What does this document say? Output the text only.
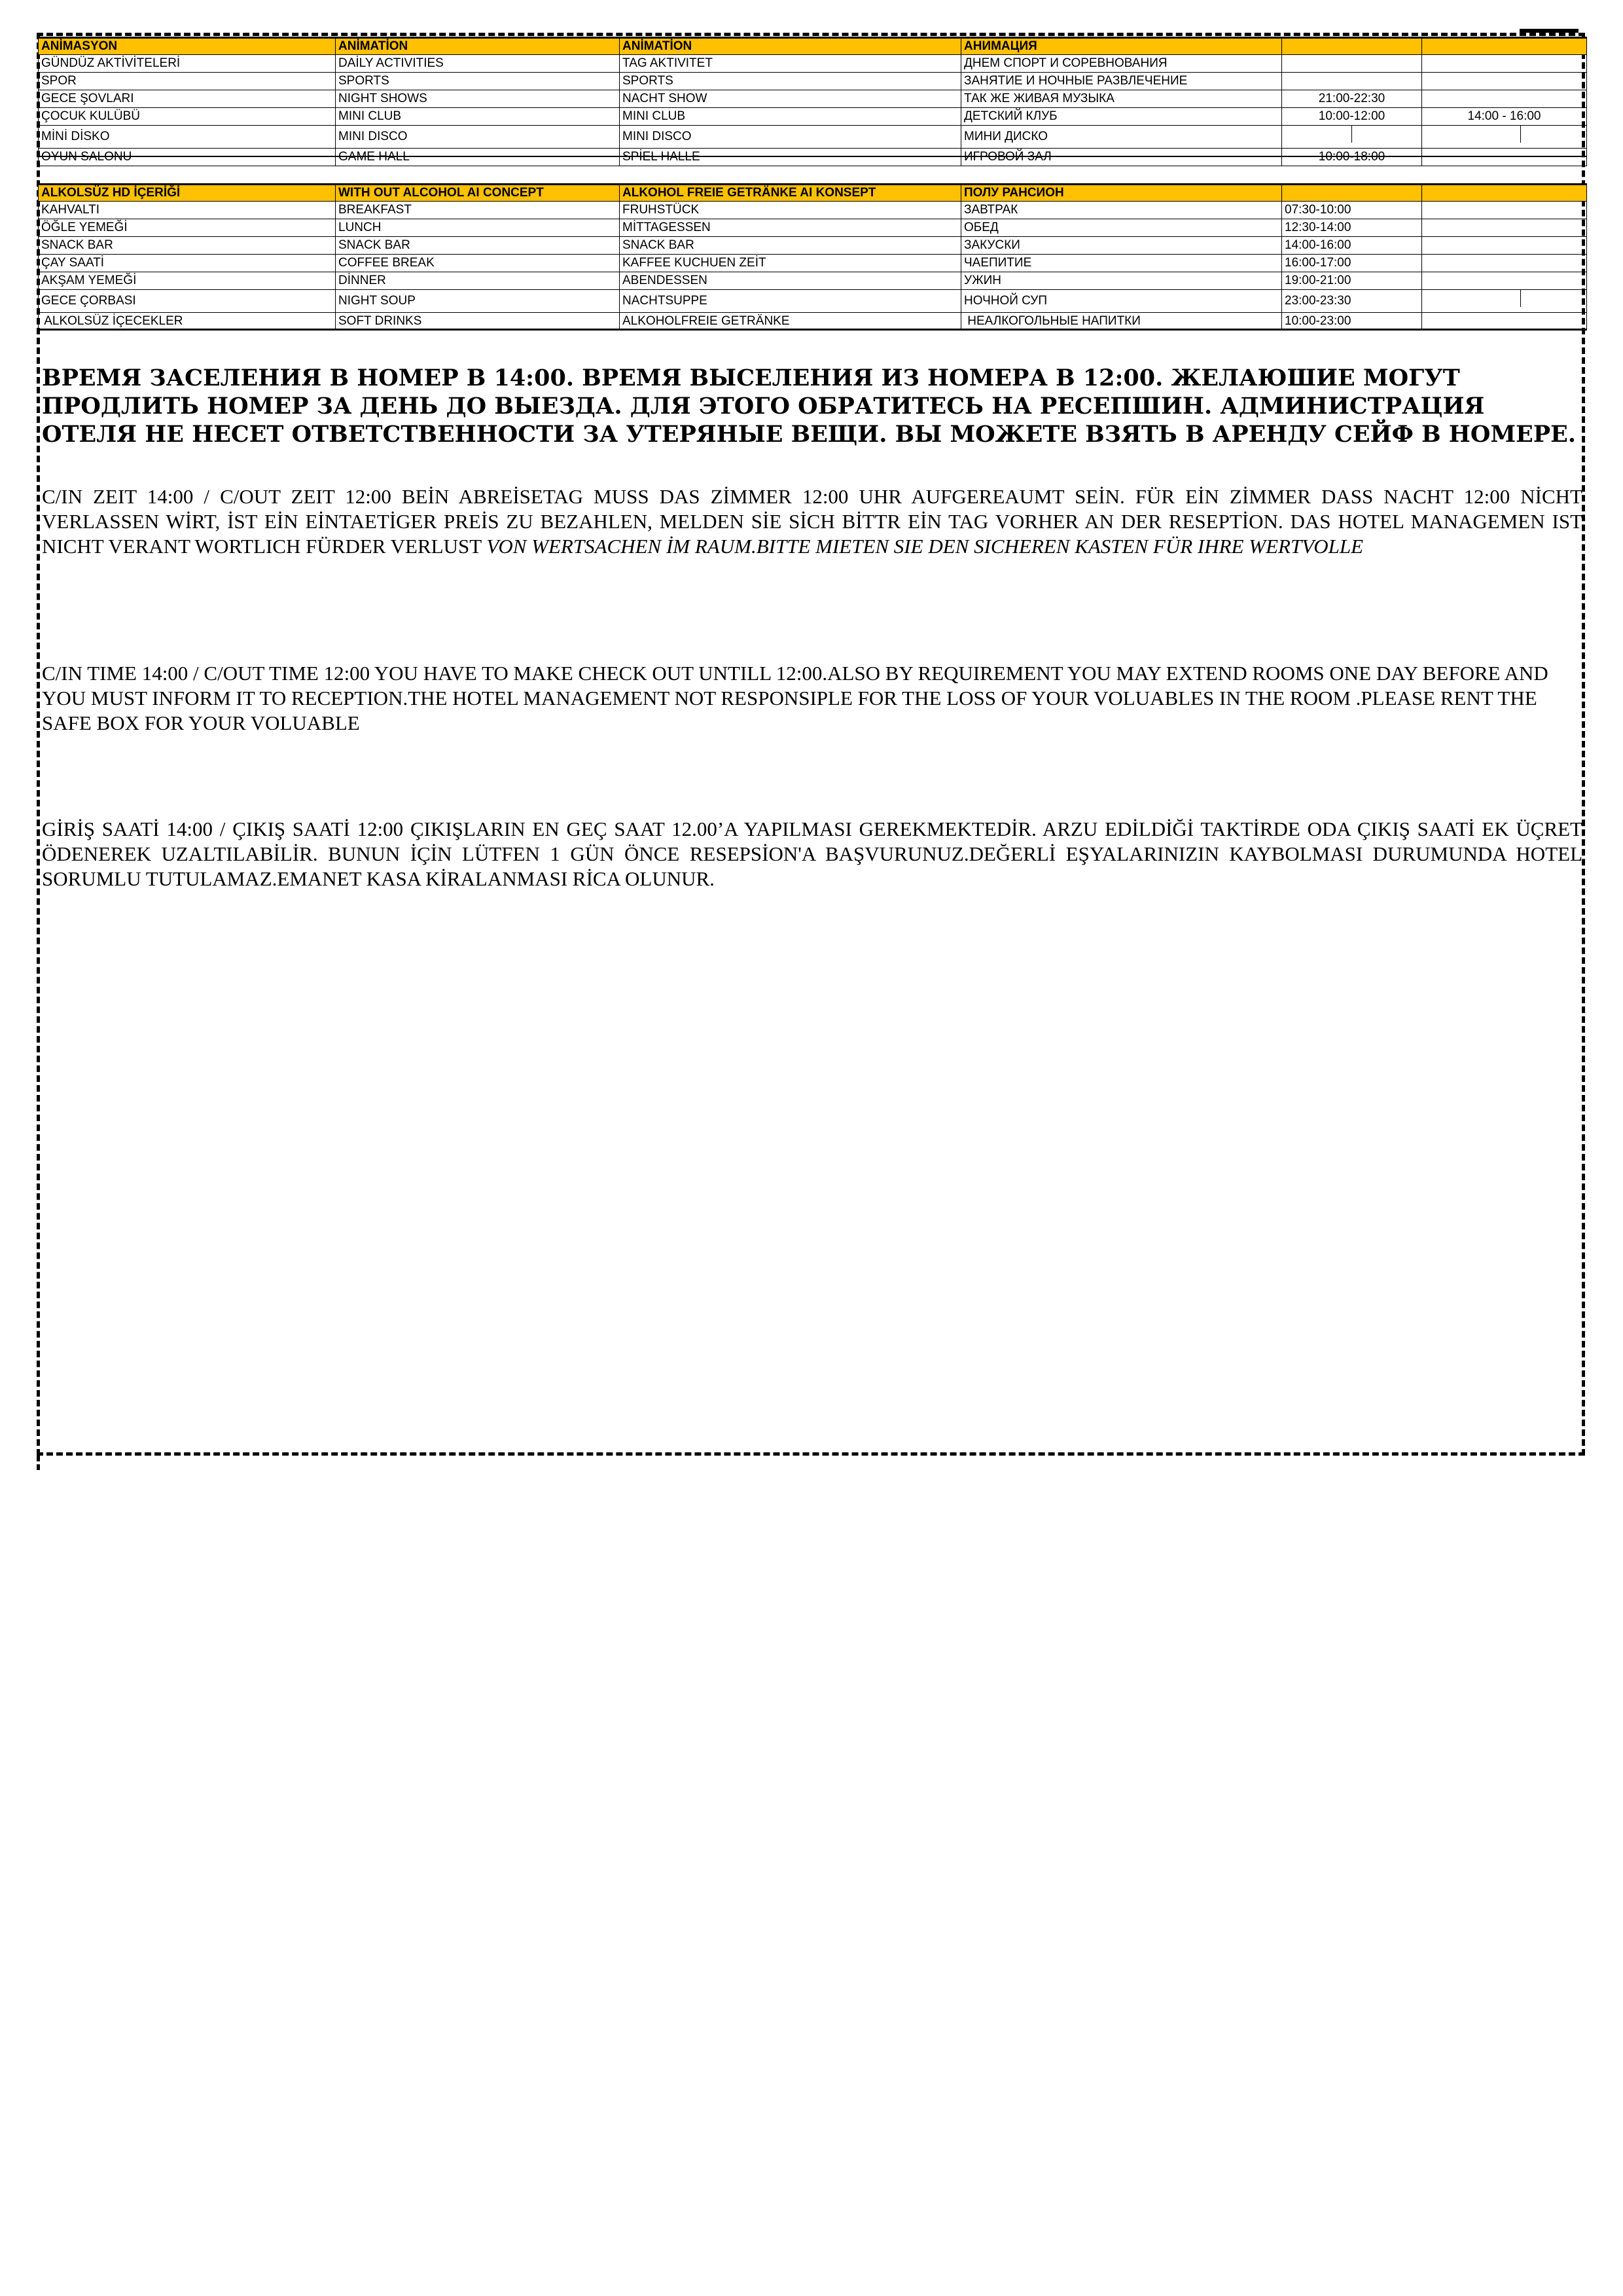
ANİMASYON	ANİMATİON	ANİMATİON	АНИМАЦИЯ		
GÜNDÜZ AKTİVİTELERİ	DAİLY ACTIVITIES	TAG AKTIVITET	ДНЕМ СПОРТ И СОРЕВНОВАНИЯ		
SPOR	SPORTS	SPORTS	ЗАНЯТИЕ И НОЧНЫЕ РАЗВЛЕЧЕНИЕ		
GECE ŞOVLARI	NIGHT SHOWS	NACHT SHOW	ТАК ЖЕ ЖИВАЯ МУЗЫКА	21:00-22:30	
ÇOCUK KULÜBÜ	MINI CLUB	MINI CLUB	ДЕТСКИЙ КЛУБ	10:00-12:00	14:00 - 16:00
MİNİ DİSKO	MINI DISCO	MINI DISCO	МИНИ ДИСКО		
OYUN SALONU	GAME HALL	SPİEL HALLE	ИГРОВОЙ ЗАЛ	10:00-18:00	
ALKOLSÜZ HD İÇERİĞİ	WITH OUT ALCOHOL AI CONCEPT	ALKOHOL FREIE GETRÄNKE AI KONSEPT	ПОЛУ РАНСИОН		
KAHVALTI	BREAKFAST	FRUHSTÜCK	ЗАВТРАК	07:30-10:00	
ÖĞLE YEMEĞİ	LUNCH	MİTTAGESSEN	ОБЕД	12:30-14:00	
SNACK BAR	SNACK BAR	SNACK BAR	ЗАКУСКИ	14:00-16:00	
ÇAY SAATİ	COFFEE BREAK	KAFFEE KUCHUEN ZEİT	ЧАЕПИТИЕ	16:00-17:00	
AKŞAM YEMEĞİ	DİNNER	ABENDESSEN	УЖИН	19:00-21:00	
GECE ÇORBASI	NIGHT SOUP	NACHTSUPPE	НОЧНОЙ СУП	23:00-23:30	
ALKOLSÜZ İÇECEKLER	SOFT DRINKS	ALKOHOLFREIE GETRÄNKE	НЕАЛКОГОЛЬНЫЕ НАПИТКИ	10:00-23:00	

ВРЕМЯ ЗАСЕЛЕНИЯ В НОМЕР В 14:00. ВРЕМЯ ВЫСЕЛЕНИЯ ИЗ НОМЕРА В 12:00. ЖЕЛАЮШИЕ МОГУТ ПРОДЛИТЬ НОМЕР ЗА ДЕНЬ ДО ВЫЕЗДА. ДЛЯ ЭТОГО ОБРАТИТЕСЬ НА РЕСЕПШИН. АДМИНИСТРАЦИЯ ОТЕЛЯ НЕ НЕСЕТ ОТВЕТСТВЕННОСТИ ЗА УТЕРЯНЫЕ ВЕЩИ. ВЫ МОЖЕТЕ ВЗЯТЬ В АРЕНДУ СЕЙФ В НОМЕРЕ.

C/IN ZEIT 14:00 / C/OUT ZEIT 12:00 BEİN ABREİSETAG MUSS DAS ZİMMER 12:00 UHR AUFGEREAUMT SEİN. FÜR EİN ZİMMER DASS NACHT 12:00 NİCHT VERLASSEN WİRT, İST EİN EİNTAETİGER PREİS ZU BEZAHLEN, MELDEN SİE SİCH BİTTR EİN TAG VORHER AN DER RESEPTİON. DAS HOTEL MANAGEMEN IST NICHT VERANT WORTLICH FÜRDER VERLUST VON WERTSACHEN İM RAUM.BITTE MIETEN SIE DEN SICHEREN KASTEN FÜR IHRE WERTVOLLE

C/IN TIME 14:00 / C/OUT TIME 12:00 YOU HAVE TO MAKE CHECK OUT UNTILL 12:00.ALSO BY REQUIREMENT YOU MAY EXTEND ROOMS ONE DAY BEFORE AND YOU MUST INFORM IT TO RECEPTION.THE HOTEL MANAGEMENT NOT RESPONSIPLE FOR THE LOSS OF YOUR VOLUABLES IN THE ROOM .PLEASE RENT THE SAFE BOX FOR YOUR VOLUABLE

GİRİŞ SAATİ 14:00 / ÇIKIŞ SAATİ 12:00 ÇIKIŞLARIN EN GEÇ SAAT 12.00’A YAPILMASI GEREKMEKTEDİR. ARZU EDİLDİĞİ TAKTİRDE ODA ÇIKIŞ SAATİ EK ÜÇRET ÖDENEREK UZALTILABİLİR. BUNUN İÇİN LÜTFEN 1 GÜN ÖNCE RESEPSİON'A BAŞVURUNUZ.DEĞERLİ EŞYALARINIZIN KAYBOLMASI DURUMUNDA HOTEL SORUMLU TUTULAMAZ.EMANET KASA KİRALANMASI RİCA OLUNUR.
